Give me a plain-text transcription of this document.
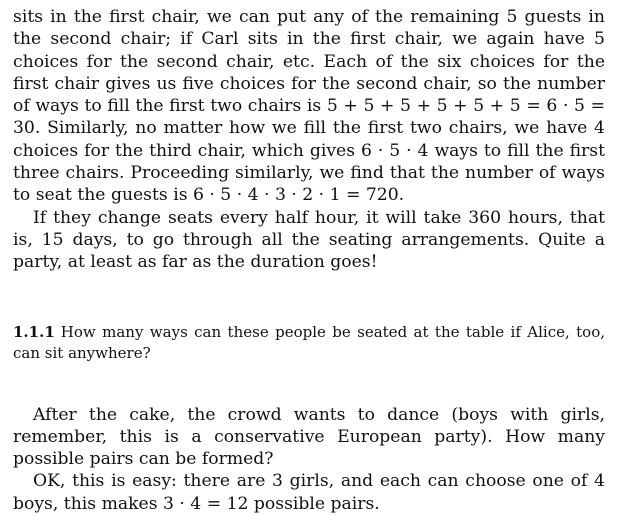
sits in the first chair, we can put any of the remaining 5 guests in the second chair; if Carl sits in the first chair, we again have 5 choices for the second chair, etc. Each of the six choices for the first chair gives us five choices for the second chair, so the number of ways to fill the first two chairs is 5 + 5 + 5 + 5 + 5 + 5 = 6 · 5 = 30. Similarly, no matter how we fill the first two chairs, we have 4 choices for the third chair, which gives 6 · 5 · 4 ways to fill the first three chairs. Proceeding similarly, we find that the number of ways to seat the guests is 6 · 5 · 4 · 3 · 2 · 1 = 720.

If they change seats every half hour, it will take 360 hours, that is, 15 days, to go through all the seating arrangements. Quite a party, at least as far as the duration goes!

1.1.1 How many ways can these people be seated at the table if Alice, too, can sit anywhere?

After the cake, the crowd wants to dance (boys with girls, remember, this is a conservative European party). How many possible pairs can be formed?

OK, this is easy: there are 3 girls, and each can choose one of 4 boys, this makes 3 · 4 = 12 possible pairs.
